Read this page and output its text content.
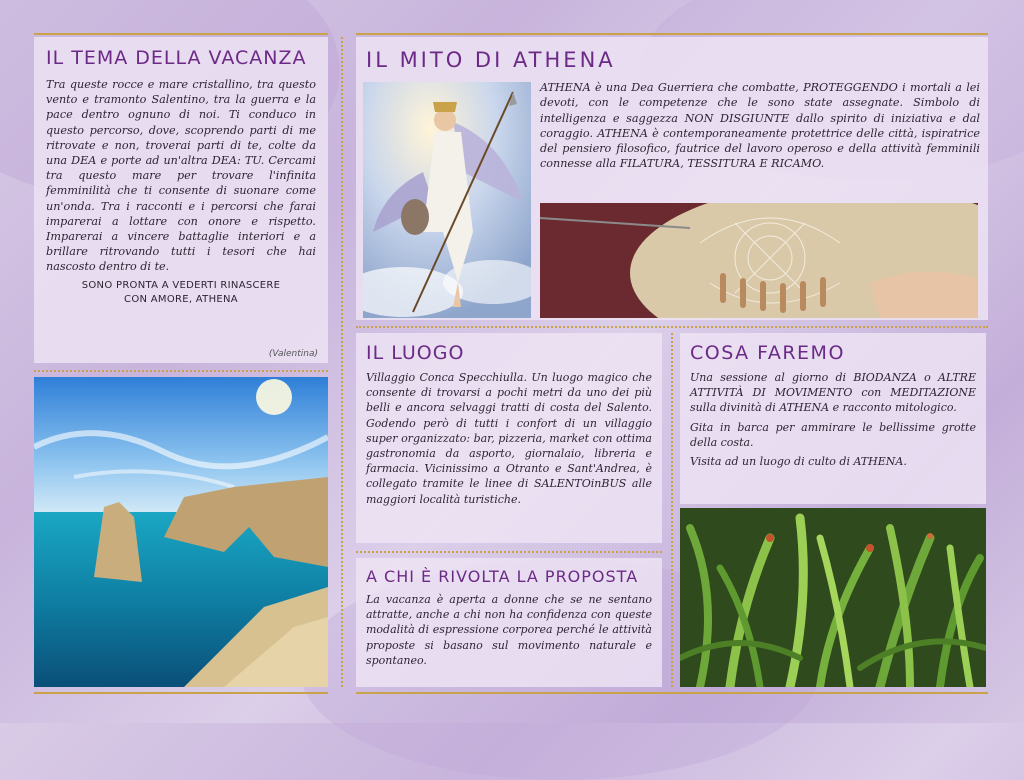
IL TEMA DELLA VACANZA
Tra queste rocce e mare cristallino, tra questo vento e tramonto Salentino, tra la guerra e la pace dentro ognuno di noi. Ti conduco in questo percorso, dove, scoprendo parti di me ritrovate e non, troverai parti di te, colte da una DEA e porte ad un'altra DEA: TU. Cercami tra questo mare per trovare l'infinita femminilità che ti consente di suonare come un'onda. Tra i racconti e i percorsi che farai imparerai a lottare con onore e rispetto. Imparerai a vincere battaglie interiori e a brillare ritrovando tutti i tesori che hai nascosto dentro di te.
SONO PRONTA A VEDERTI RINASCERE
CON AMORE, ATHENA
(Valentina)
IL MITO DI ATHENA
ATHENA è una Dea Guerriera che combatte, PROTEGGENDO i mortali a lei devoti, con le competenze che le sono state assegnate. Simbolo di intelligenza e saggezza NON DISGIUNTE dallo spirito di iniziativa e dal coraggio. ATHENA è contemporaneamente protettrice delle città, ispiratrice del pensiero filosofico, fautrice del lavoro operoso e della attività femminili connesse alla FILATURA, TESSITURA E RICAMO.
IL LUOGO
Villaggio Conca Specchiulla. Un luogo magico che consente di trovarsi a pochi metri da uno dei più belli e ancora selvaggi tratti di costa del Salento. Godendo però di tutti i confort di un villaggio super organizzato: bar, pizzeria, market con ottima gastronomia da asporto, giornalaio, libreria e farmacia. Vicinissimo a Otranto e Sant'Andrea, è collegato tramite le linee di SALENTOinBUS alle maggiori località turistiche.
A CHI È RIVOLTA LA PROPOSTA
La vacanza è aperta a donne che se ne sentano attratte, anche a chi non ha confidenza con queste modalità di espressione corporea perché le attività proposte si basano sul movimento naturale e spontaneo.
COSA FAREMO
Una sessione al giorno di BIODANZA o ALTRE ATTIVITÀ DI MOVIMENTO con MEDITAZIONE sulla divinità di ATHENA e racconto mitologico.
Gita in barca per ammirare le bellissime grotte della costa.
Visita ad un luogo di culto di ATHENA.
